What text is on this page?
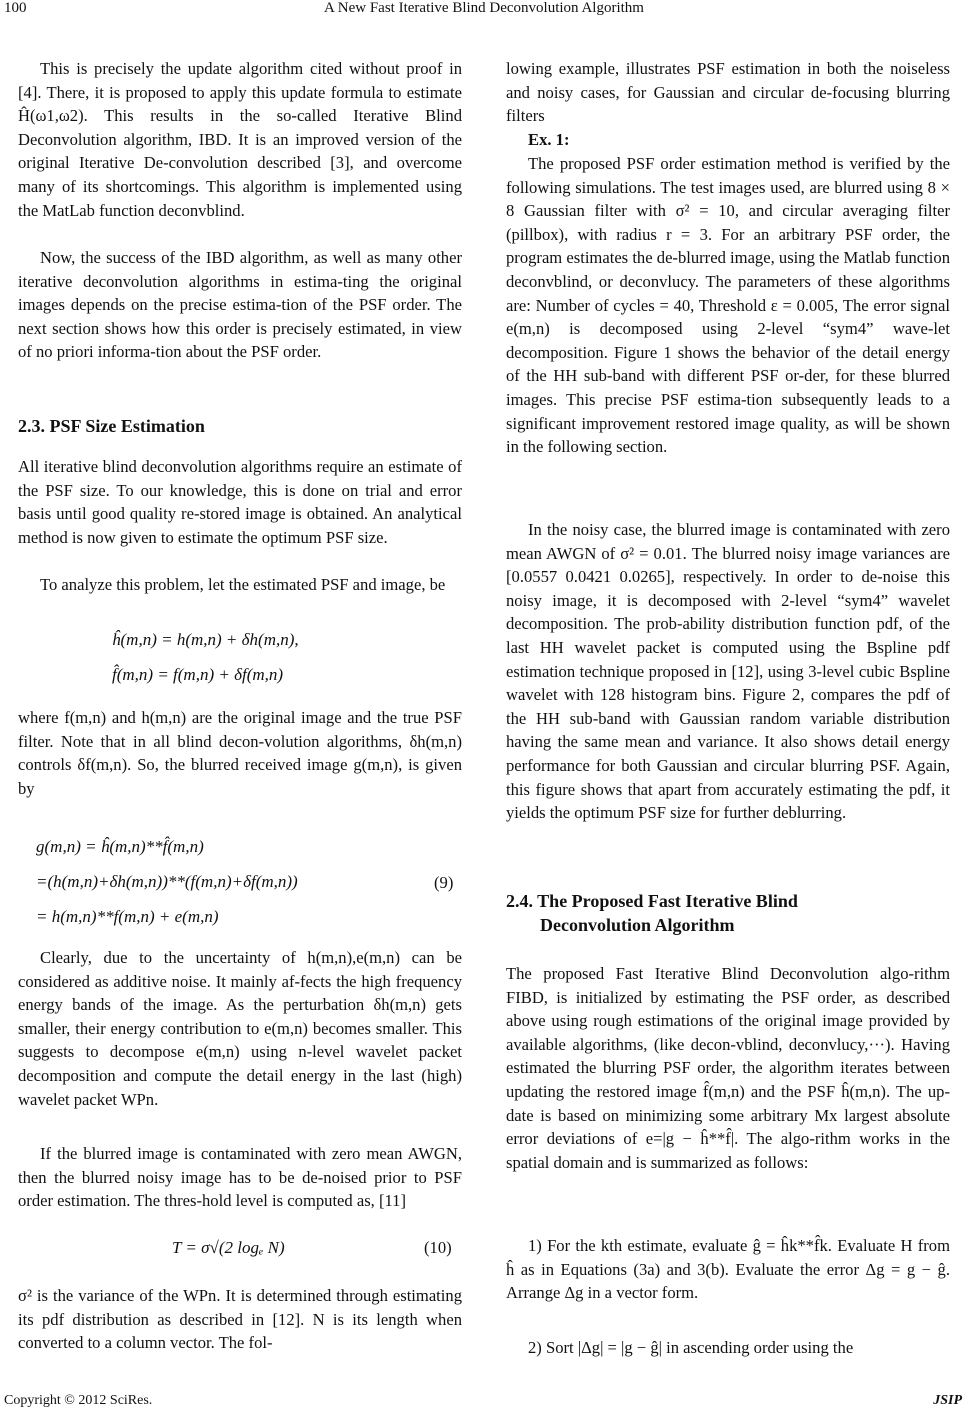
100	A New Fast Iterative Blind Deconvolution Algorithm
This is precisely the update algorithm cited without proof in [4]. There, it is proposed to apply this update formula to estimate Ĥ(ω1,ω2). This results in the so-called Iterative Blind Deconvolution algorithm, IBD. It is an improved version of the original Iterative De-convolution described [3], and overcome many of its shortcomings. This algorithm is implemented using the MatLab function deconvblind.
Now, the success of the IBD algorithm, as well as many other iterative deconvolution algorithms in estima-ting the original images depends on the precise estima-tion of the PSF order. The next section shows how this order is precisely estimated, in view of no priori informa-tion about the PSF order.
2.3. PSF Size Estimation
All iterative blind deconvolution algorithms require an estimate of the PSF size. To our knowledge, this is done on trial and error basis until good quality re-stored image is obtained. An analytical method is now given to estimate the optimum PSF size.
To analyze this problem, let the estimated PSF and image, be
ĥ(m,n) = h(m,n) + δh(m,n),
f̂(m,n) = f(m,n) + δf(m,n)
where f(m,n) and h(m,n) are the original image and the true PSF filter. Note that in all blind decon-volution algorithms, δh(m,n) controls δf(m,n). So, the blurred received image g(m,n), is given by
g(m,n) = ĥ(m,n)**f̂(m,n)
=(h(m,n)+δh(m,n))**(f(m,n)+δf(m,n))	(9)
= h(m,n)**f(m,n) + e(m,n)
Clearly, due to the uncertainty of h(m,n),e(m,n) can be considered as additive noise. It mainly af-fects the high frequency energy bands of the image. As the perturbation δh(m,n) gets smaller, their energy contribution to e(m,n) becomes smaller. This suggests to decompose e(m,n) using n-level wavelet packet decomposition and compute the detail energy in the last (high) wavelet packet WPn.
If the blurred image is contaminated with zero mean AWGN, then the blurred noisy image has to be de-noised prior to PSF order estimation. The thres-hold level is computed as, [11]
T = σ√(2 logₑ N)	(10)
σ² is the variance of the WPn. It is determined through estimating its pdf distribution as described in [12]. N is its length when converted to a column vector. The fol-
lowing example, illustrates PSF estimation in both the noiseless and noisy cases, for Gaussian and circular de-focusing blurring filters
Ex. 1:
The proposed PSF order estimation method is verified by the following simulations. The test images used, are blurred using 8 × 8 Gaussian filter with σ² = 10, and circular averaging filter (pillbox), with radius r = 3. For an arbitrary PSF order, the program estimates the de-blurred image, using the Matlab function deconvblind, or deconvlucy. The parameters of these algorithms are: Number of cycles = 40, Threshold ε = 0.005, The error signal e(m,n) is decomposed using 2-level “sym4” wave-let decomposition. Figure 1 shows the behavior of the detail energy of the HH sub-band with different PSF or-der, for these blurred images. This precise PSF estima-tion subsequently leads to a significant improvement restored image quality, as will be shown in the following section.
In the noisy case, the blurred image is contaminated with zero mean AWGN of σ² = 0.01. The blurred noisy image variances are [0.0557 0.0421 0.0265], respectively. In order to de-noise this noisy image, it is decomposed with 2-level “sym4” wavelet decomposition. The prob-ability distribution function pdf, of the last HH wavelet packet is computed using the Bspline pdf estimation technique proposed in [12], using 3-level cubic Bspline wavelet with 128 histogram bins. Figure 2, compares the pdf of the HH sub-band with Gaussian random variable distribution having the same mean and variance. It also shows detail energy performance for both Gaussian and circular blurring PSF. Again, this figure shows that apart from accurately estimating the pdf, it yields the optimum PSF size for further deblurring.
2.4. The Proposed Fast Iterative Blind
Deconvolution Algorithm
The proposed Fast Iterative Blind Deconvolution algo-rithm FIBD, is initialized by estimating the PSF order, as described above using rough estimations of the original image provided by available algorithms, (like decon-vblind, deconvlucy,···). Having estimated the blurring PSF order, the algorithm iterates between updating the restored image f̂(m,n) and the PSF ĥ(m,n). The up-date is based on minimizing some arbitrary Mx largest absolute error deviations of e=|g − ĥ**f̂|. The algo-rithm works in the spatial domain and is summarized as follows:
1) For the kth estimate, evaluate ĝ = ĥk**f̂k. Evaluate H from ĥ as in Equations (3a) and 3(b). Evaluate the error Δg = g − ĝ. Arrange Δg in a vector form.
2) Sort |Δg| = |g − ĝ| in ascending order using the
Copyright © 2012 SciRes.	JSIP
